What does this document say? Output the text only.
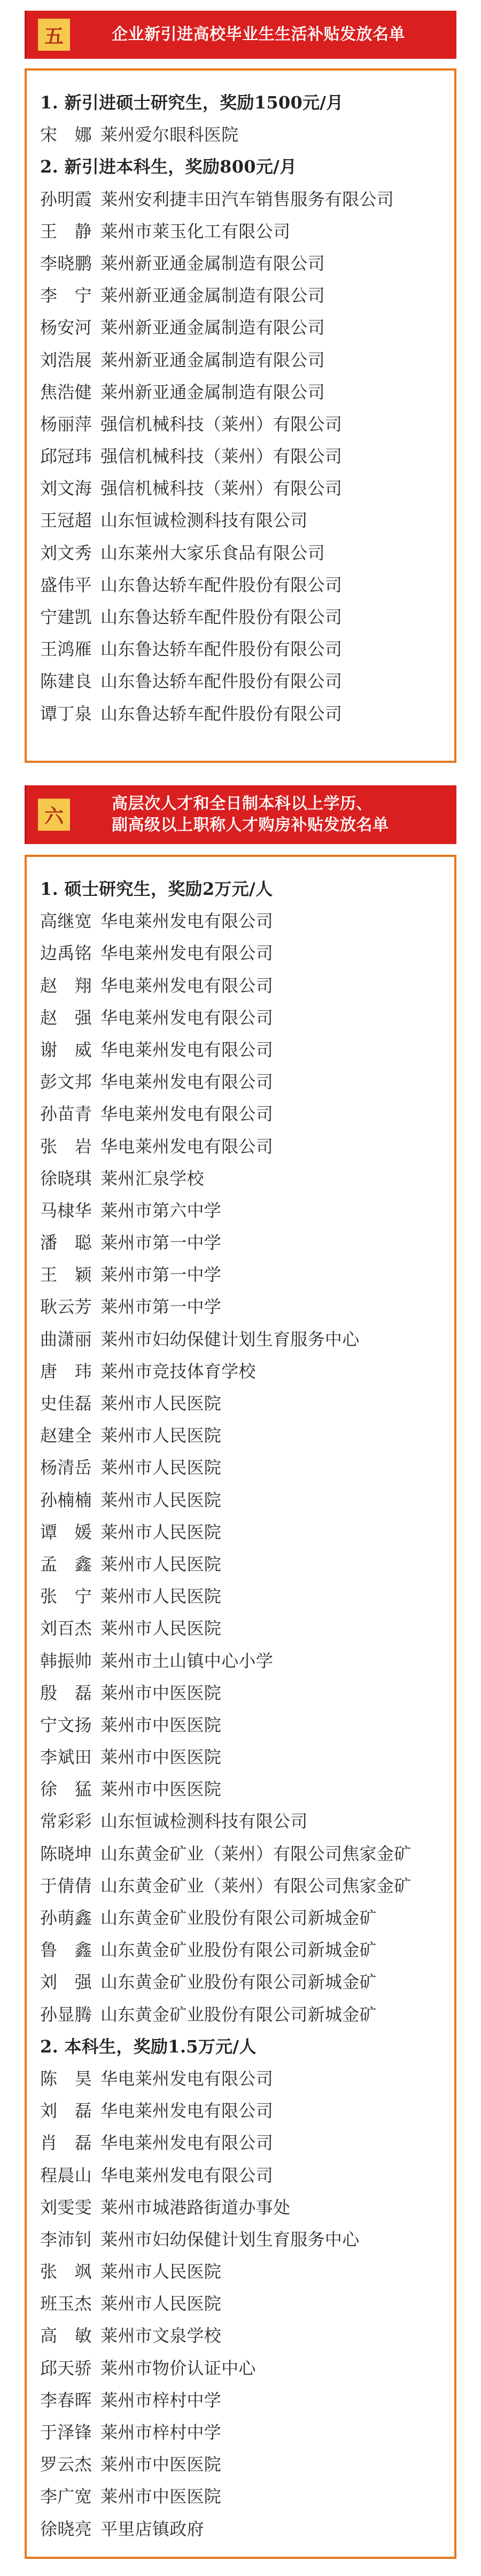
五	企业新引进高校毕业生生活补贴发放名单
1. 新引进硕士研究生，奖励1500元/月
宋　娜 莱州爱尔眼科医院
2. 新引进本科生，奖励800元/月
孙明霞 莱州安利捷丰田汽车销售服务有限公司
王　静 莱州市莱玉化工有限公司
李晓鹏 莱州新亚通金属制造有限公司
李　宁 莱州新亚通金属制造有限公司
杨安河 莱州新亚通金属制造有限公司
刘浩展 莱州新亚通金属制造有限公司
焦浩健 莱州新亚通金属制造有限公司
杨丽萍 强信机械科技（莱州）有限公司
邱冠玮 强信机械科技（莱州）有限公司
刘文海 强信机械科技（莱州）有限公司
王冠超 山东恒诚检测科技有限公司
刘文秀 山东莱州大家乐食品有限公司
盛伟平 山东鲁达轿车配件股份有限公司
宁建凯 山东鲁达轿车配件股份有限公司
王鸿雁 山东鲁达轿车配件股份有限公司
陈建良 山东鲁达轿车配件股份有限公司
谭丁泉 山东鲁达轿车配件股份有限公司
六
高层次人才和全日制本科以上学历、
副高级以上职称人才购房补贴发放名单
1. 硕士研究生，奖励2万元/人
高继宽 华电莱州发电有限公司
边禹铭 华电莱州发电有限公司
赵　翔 华电莱州发电有限公司
赵　强 华电莱州发电有限公司
谢　威 华电莱州发电有限公司
彭文邦 华电莱州发电有限公司
孙苗青 华电莱州发电有限公司
张　岩 华电莱州发电有限公司
徐晓琪 莱州汇泉学校
马棣华 莱州市第六中学
潘　聪 莱州市第一中学
王　颖 莱州市第一中学
耿云芳 莱州市第一中学
曲潇丽 莱州市妇幼保健计划生育服务中心
唐　玮 莱州市竞技体育学校
史佳磊 莱州市人民医院
赵建全 莱州市人民医院
杨清岳 莱州市人民医院
孙楠楠 莱州市人民医院
谭　媛 莱州市人民医院
孟　鑫 莱州市人民医院
张　宁 莱州市人民医院
刘百杰 莱州市人民医院
韩振帅 莱州市土山镇中心小学
殷　磊 莱州市中医医院
宁文扬 莱州市中医医院
李斌田 莱州市中医医院
徐　猛 莱州市中医医院
常彩彩 山东恒诚检测科技有限公司
陈晓坤 山东黄金矿业（莱州）有限公司焦家金矿
于倩倩 山东黄金矿业（莱州）有限公司焦家金矿
孙萌鑫 山东黄金矿业股份有限公司新城金矿
鲁　鑫 山东黄金矿业股份有限公司新城金矿
刘　强 山东黄金矿业股份有限公司新城金矿
孙显腾 山东黄金矿业股份有限公司新城金矿
2. 本科生，奖励1.5万元/人
陈　昊 华电莱州发电有限公司
刘　磊 华电莱州发电有限公司
肖　磊 华电莱州发电有限公司
程晨山 华电莱州发电有限公司
刘雯雯 莱州市城港路街道办事处
李沛钊 莱州市妇幼保健计划生育服务中心
张　飒 莱州市人民医院
班玉杰 莱州市人民医院
高　敏 莱州市文泉学校
邱天骄 莱州市物价认证中心
李春晖 莱州市梓村中学
于泽锋 莱州市梓村中学
罗云杰 莱州市中医医院
李广宽 莱州市中医医院
徐晓亮 平里店镇政府
